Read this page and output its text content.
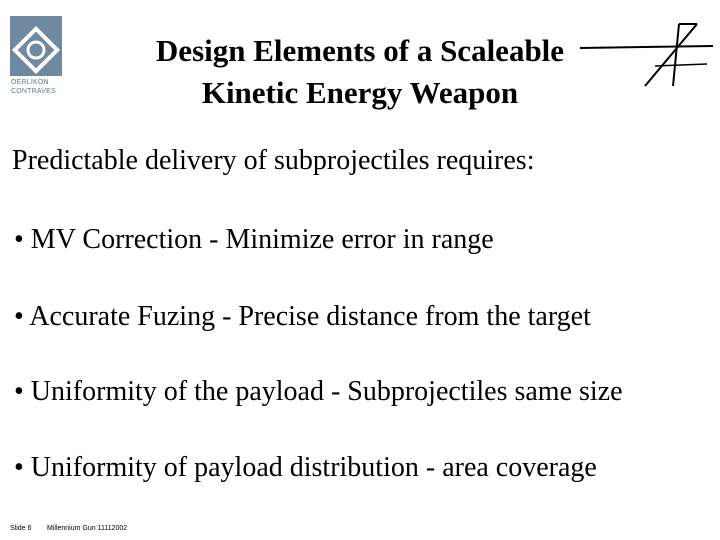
OERLIKON
CONTRAVES
Design Elements of a Scaleable
Kinetic Energy Weapon
Predictable delivery of subprojectiles requires:
• MV Correction - Minimize error in range
• Accurate Fuzing - Precise distance from the target
• Uniformity of the payload - Subprojectiles same size
• Uniformity of payload distribution - area coverage
Slide 6 Millennium Gun 11112002
